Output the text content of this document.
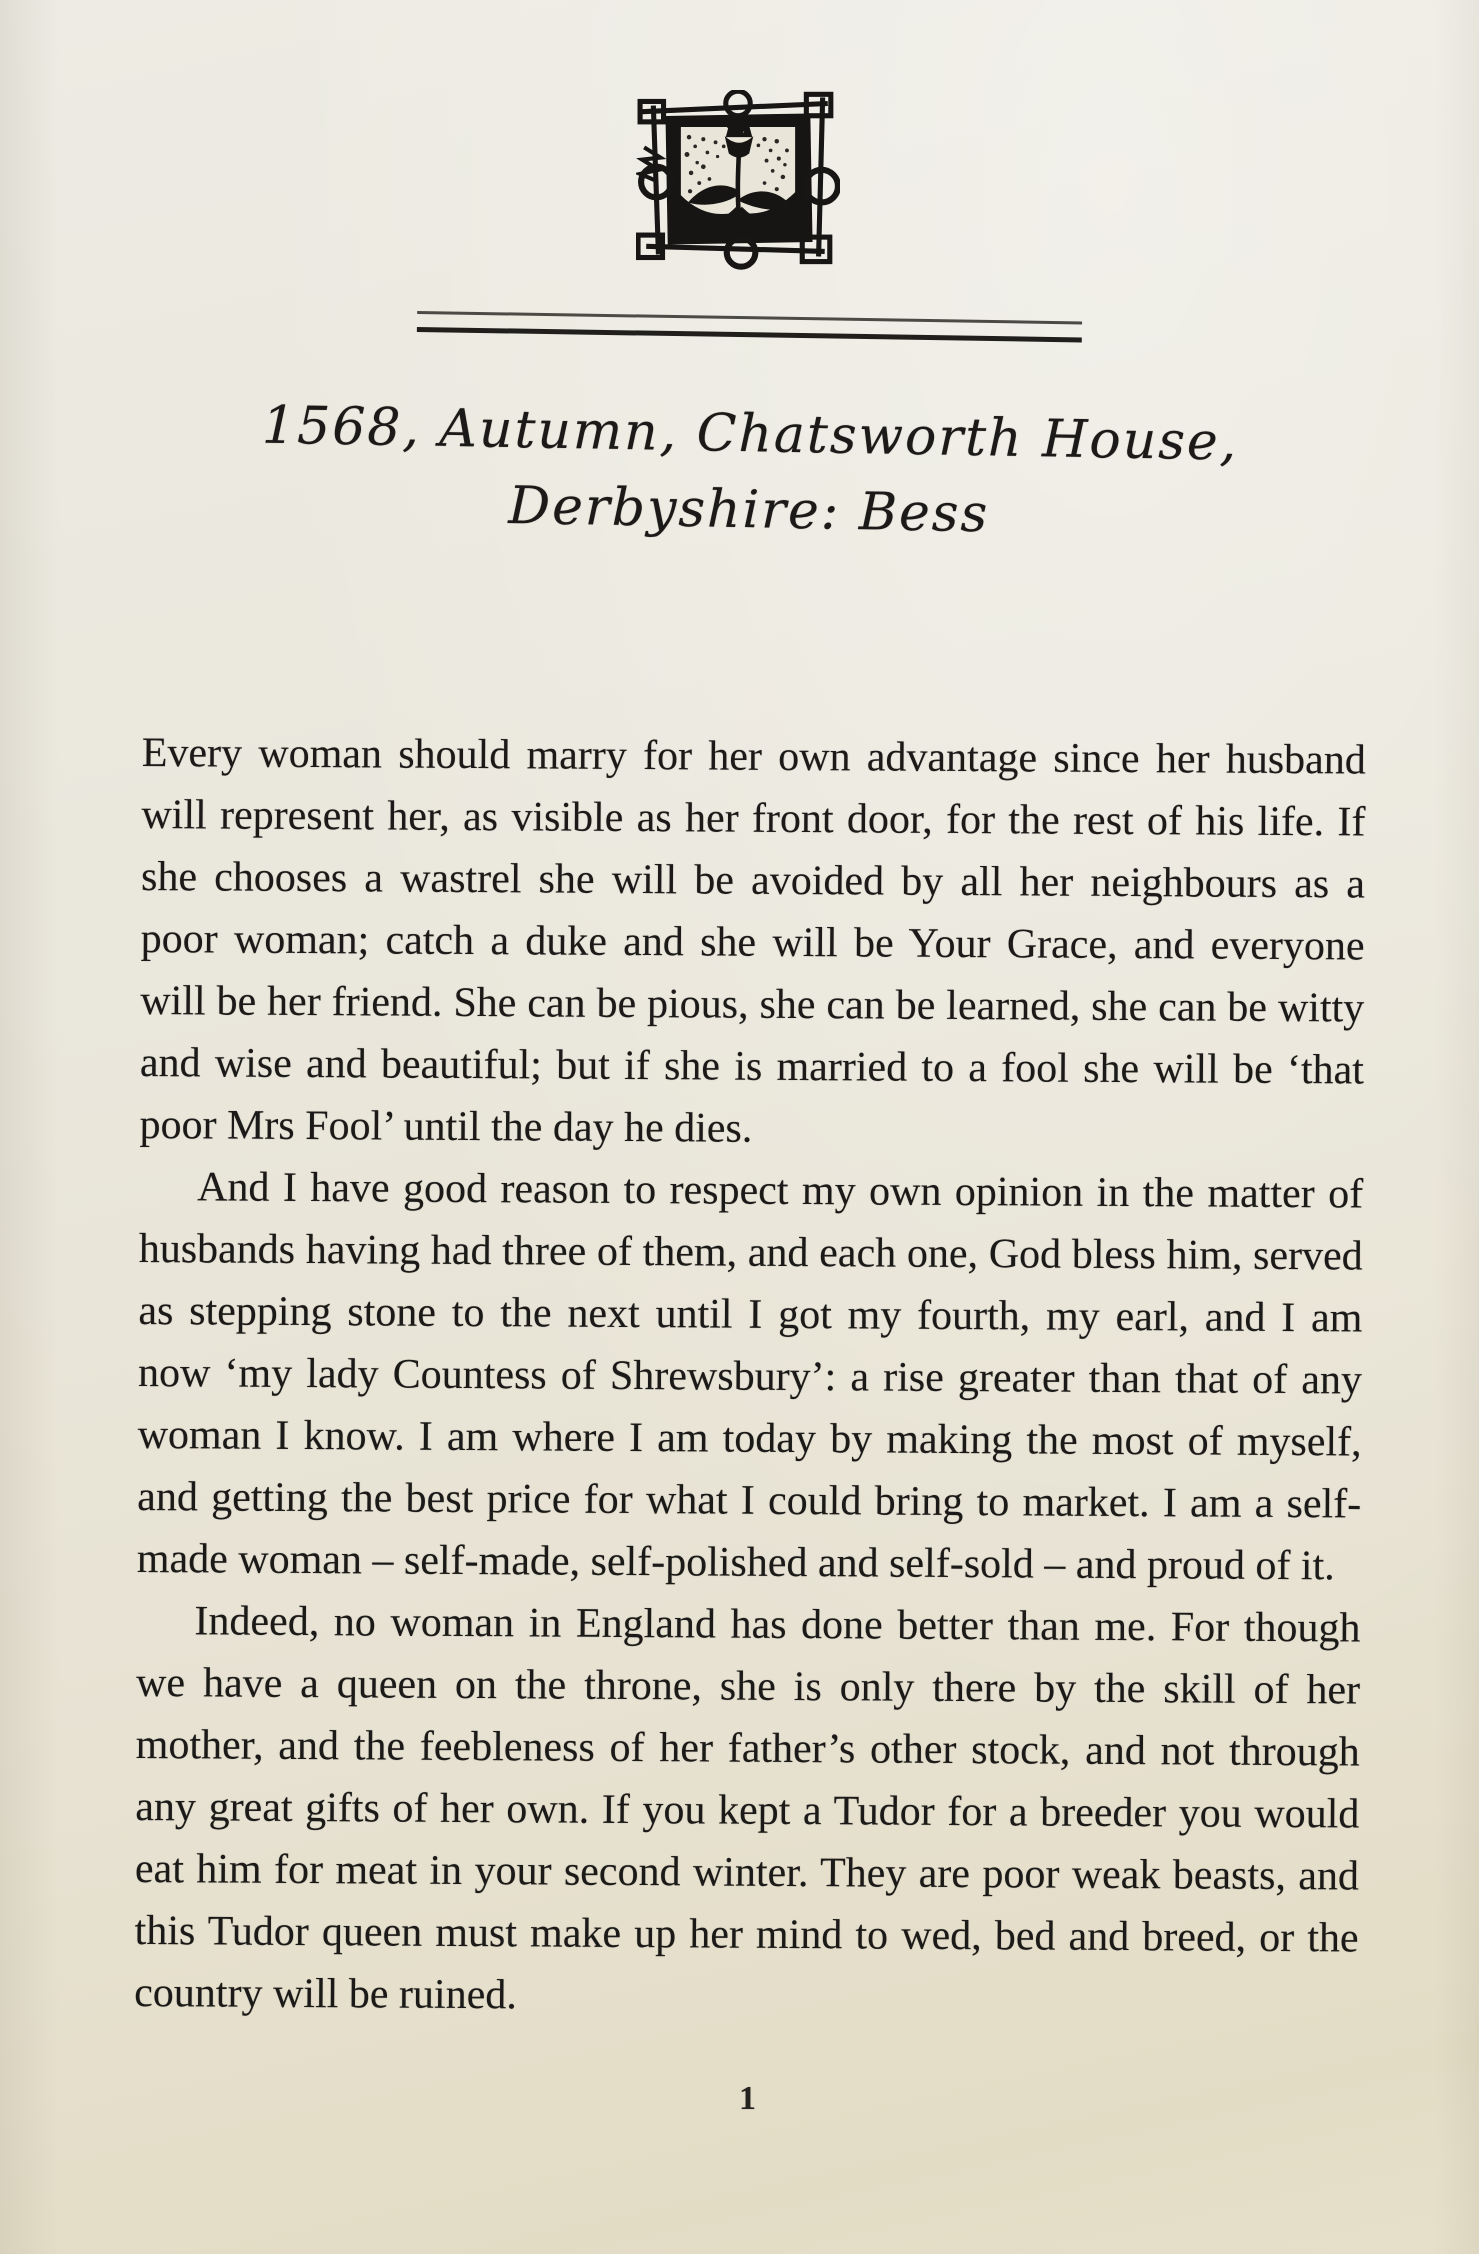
1568, Autumn, Chatsworth House,
Derbyshire: Bess

Every woman should marry for her own advantage since her husband will represent her, as visible as her front door, for the rest of his life. If she chooses a wastrel she will be avoided by all her neighbours as a poor woman; catch a duke and she will be Your Grace, and everyone will be her friend. She can be pious, she can be learned, she can be witty and wise and beautiful; but if she is married to a fool she will be ‘that poor Mrs Fool’ until the day he dies.

And I have good reason to respect my own opinion in the matter of husbands having had three of them, and each one, God bless him, served as stepping stone to the next until I got my fourth, my earl, and I am now ‘my lady Countess of Shrewsbury’: a rise greater than that of any woman I know. I am where I am today by making the most of myself, and getting the best price for what I could bring to market. I am a self-made woman – self-made, self-polished and self-sold – and proud of it.

Indeed, no woman in England has done better than me. For though we have a queen on the throne, she is only there by the skill of her mother, and the feebleness of her father’s other stock, and not through any great gifts of her own. If you kept a Tudor for a breeder you would eat him for meat in your second winter. They are poor weak beasts, and this Tudor queen must make up her mind to wed, bed and breed, or the country will be ruined.

1
